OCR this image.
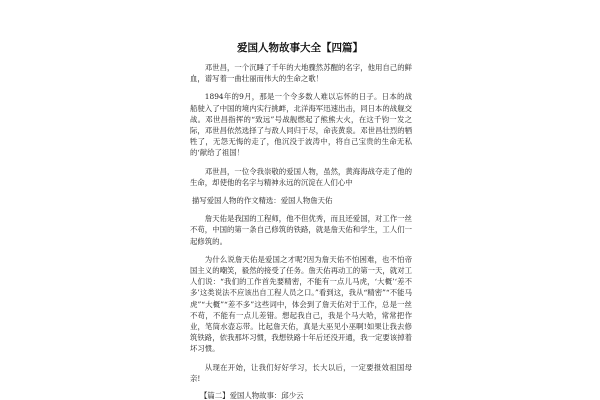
爱国人物故事大全【四篇】

邓世昌，一个沉睡了千年的大地骤然苏醒的名字，他用自己的鲜血，谱写着一曲壮丽而伟大的生命之歌！

1894年的9月，那是一个令多数人难以忘怀的日子。日本的战船驶入了中国的境内实行挑衅，北洋海军迅速出击，同日本的战舰交战。邓世昌指挥的“致远”号战舰燃起了熊熊大火，在这千钧一发之际，邓世昌依然选择了与敌人同归于尽，命丧黄泉。邓世昌壮烈的牺牲了，无怨无悔的走了，他沉没于波涛中，将自己宝贵的生命无私的‘献给了祖国！

邓世昌，一位令我崇敬的爱国人物，虽然，黄海海战夺走了他的生命，却使他的名字与精神永远的沉淀在人们心中

描写爱国人物的作文精选：爱国人物詹天佑

詹天佑是我国的工程师，他不但优秀，而且还爱国，对工作一丝不苟，中国的第一条自己修筑的铁路，就是詹天佑和学生，工人们一起修筑的。

为什么说詹天佑是爱国之才呢?因为詹天佑不怕困难，也不怕帝国主义的嘲笑，毅然的接受了任务。詹天佑再动工的第一天，就对工人们说：“我们的工作首先要精密，不能有一点儿马虎，‘大概’‘差不多’这类说法不应该出自工程人员之口。”看到这，我从“精密”“不能马虎”“大概”“差不多”这些词中，体会到了詹天佑对于工作，总是一丝不苟，不能有一点儿差错。想起我自己，我是个马大哈，常常把作业，笔筒水壶忘带。比起詹天佑，真是大巫见小巫啊!如果让我去修筑铁路，依我那坏习惯，我想铁路十年后还没开通，我一定要该掉着坏习惯。

从现在开始，让我们好好学习，长大以后，一定要报效祖国母亲!

【篇二】爱国人物故事：邱少云
